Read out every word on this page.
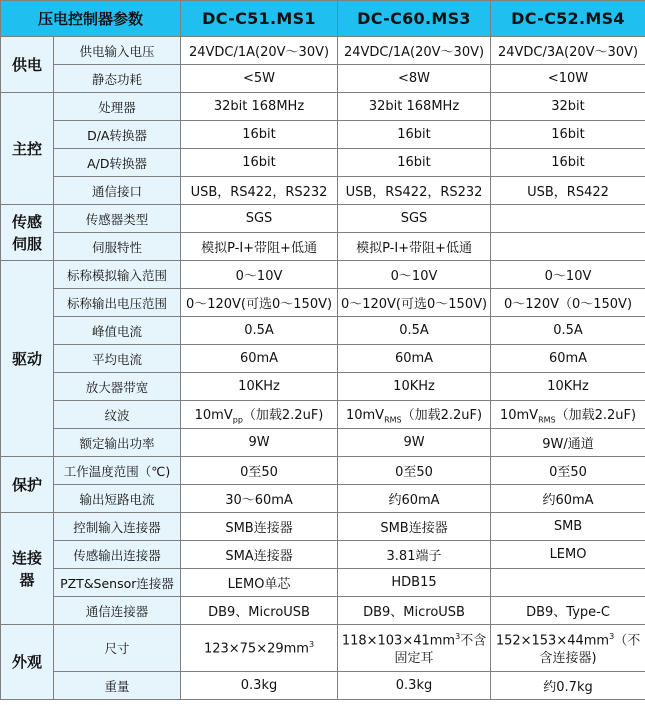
压电控制器参数		DC-C51.MS1	DC-C60.MS3	DC-C52.MS4
供电	供电输入电压	24VDC/1A(20V～30V)	24VDC/1A(20V～30V)	24VDC/3A(20V～30V)
	静态功耗	<5W	<8W	<10W
主控	处理器	32bit 168MHz	32bit 168MHz	32bit
	D/A转换器	16bit	16bit	16bit
	A/D转换器	16bit	16bit	16bit
	通信接口	USB，RS422，RS232	USB，RS422，RS232	USB，RS422
传感
伺服	传感器类型	SGS	SGS	
	伺服特性	模拟P-I+带阻+低通	模拟P-I+带阻+低通	
驱动	标称模拟输入范围	0～10V	0～10V	0～10V
	标称输出电压范围	0～120V(可选0～150V)	0～120V(可选0～150V)	0～120V（0～150V)
	峰值电流	0.5A	0.5A	0.5A
	平均电流	60mA	60mA	60mA
	放大器带宽	10KHz	10KHz	10KHz
	纹波	$10mV_{pp}$（加载2.2uF)	$10mV_{RMS}$（加载2.2uF)	$10mV_{RMS}$（加载2.2uF)
	额定输出功率	9W	9W	9W/通道
保护	工作温度范围（℃)	0至50	0至50	0至50
	输出短路电流	30～60mA	约60mA	约60mA
连接
器	控制输入连接器	SMB连接器	SMB连接器	SMB
	传感输出连接器	SMA连接器	3.81端子	LEMO
	PZT&Sensor连接器	LEMO单芯	HDB15	
	通信连接器	DB9、MicroUSB	DB9、MicroUSB	DB9、Type-C
外观	尺寸	$123\times 75\times 29mm^3$	$118\times 103\times 41mm^3$不含固定耳	$152\times 153\times 44mm^3$（不含连接器)
	重量	0.3kg	0.3kg	约0.7kg
